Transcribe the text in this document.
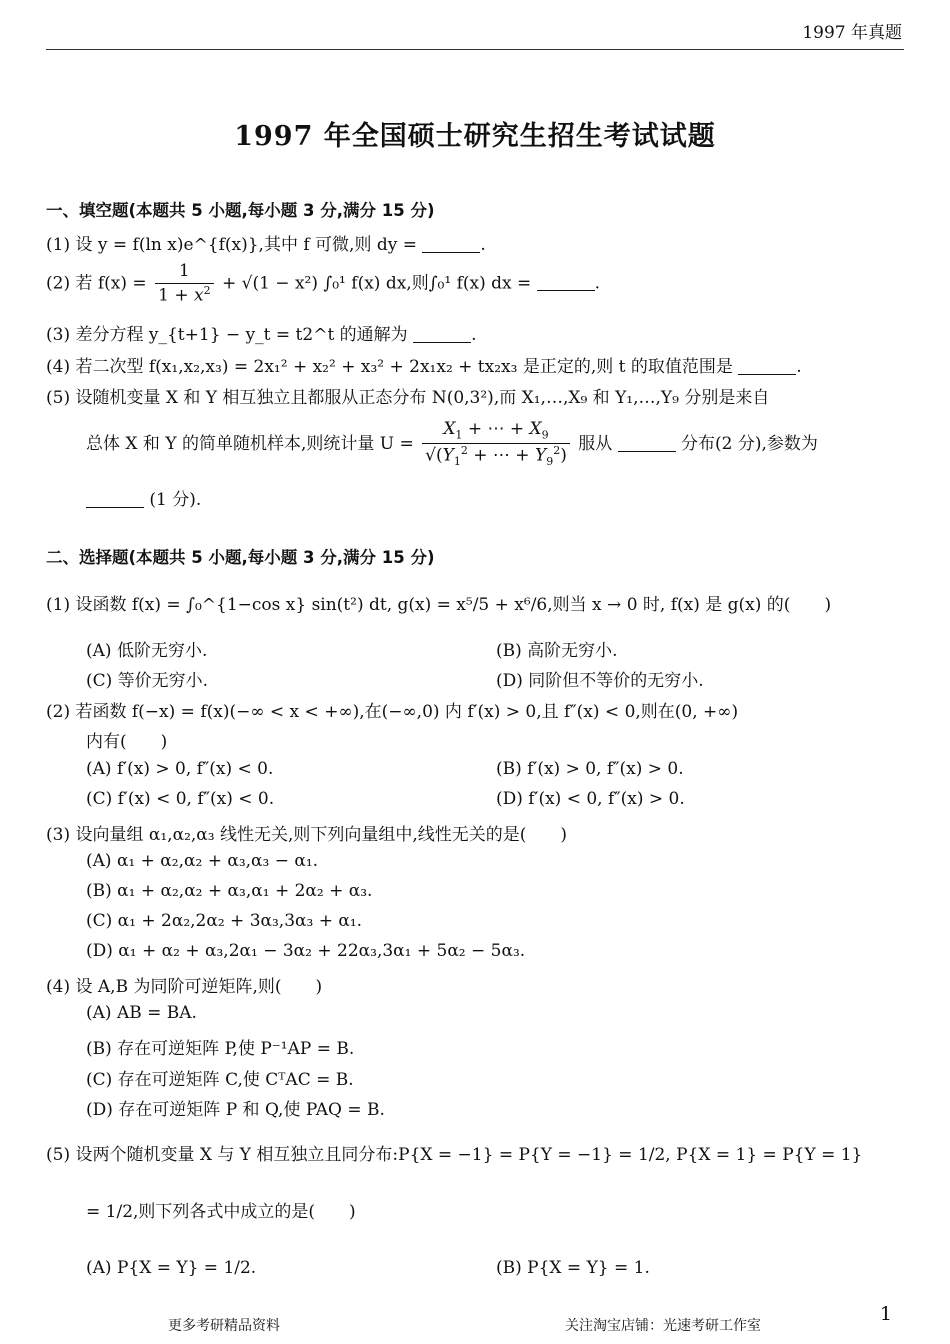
1997 年真题
1997 年全国硕士研究生招生考试试题
一、填空题(本题共 5 小题,每小题 3 分,满分 15 分)
(1) 设 y = f(ln x)e^{f(x)},其中 f 可微,则 dy =	.
(2) 若 $f(x) = \frac{1}{1 + x^2} + √(1 - x^2)$ ∫₀¹ f(x) dx,则∫₀¹ f(x) dx =	.
(3) 差分方程 y_{t+1} − y_t = t2^t 的通解为	.
(4) 若二次型 f(x₁,x₂,x₃) = 2x₁² + x₂² + x₃² + 2x₁x₂ + tx₂x₃ 是正定的,则 t 的取值范围是	.
(5) 设随机变量 X 和 Y 相互独立且都服从正态分布 N(0,3²),而 X₁,…,X₉ 和 Y₁,…,Y₉ 分别是来自
总体 X 和 Y 的简单随机样本,则统计量 $U = \frac{X_1 + \cdots + X_9}{√(Y_1^2 + \cdots + Y_9^2)}$ 服从	分布(2 分),参数为
(1 分).
二、选择题(本题共 5 小题,每小题 3 分,满分 15 分)
(1) 设函数 f(x) = ∫₀^{1−cos x} sin(t²) dt, g(x) = x⁵/5 + x⁶/6,则当 x → 0 时, f(x) 是 g(x) 的(　　)
(A) 低阶无穷小.	(B) 高阶无穷小.
(C) 等价无穷小.	(D) 同阶但不等价的无穷小.
(2) 若函数 f(−x) = f(x)(−∞ < x < +∞),在(−∞,0) 内 f′(x) > 0,且 f″(x) < 0,则在(0, +∞)
内有(　　)
(A) f′(x) > 0, f″(x) < 0.	(B) f′(x) > 0, f″(x) > 0.
(C) f′(x) < 0, f″(x) < 0.	(D) f′(x) < 0, f″(x) > 0.
(3) 设向量组 α₁,α₂,α₃ 线性无关,则下列向量组中,线性无关的是(　　)
(A) α₁ + α₂,α₂ + α₃,α₃ − α₁.
(B) α₁ + α₂,α₂ + α₃,α₁ + 2α₂ + α₃.
(C) α₁ + 2α₂,2α₂ + 3α₃,3α₃ + α₁.
(D) α₁ + α₂ + α₃,2α₁ − 3α₂ + 22α₃,3α₁ + 5α₂ − 5α₃.
(4) 设 A,B 为同阶可逆矩阵,则(　　)
(A) AB = BA.
(B) 存在可逆矩阵 P,使 P⁻¹AP = B.
(C) 存在可逆矩阵 C,使 CᵀAC = B.
(D) 存在可逆矩阵 P 和 Q,使 PAQ = B.
(5) 设两个随机变量 X 与 Y 相互独立且同分布:P{X = −1} = P{Y = −1} = 1/2, P{X = 1} = P{Y = 1}
= 1/2,则下列各式中成立的是(　　)
(A) P{X = Y} = 1/2.	(B) P{X = Y} = 1.
更多考研精品资料	关注淘宝店铺：光速考研工作室
1
